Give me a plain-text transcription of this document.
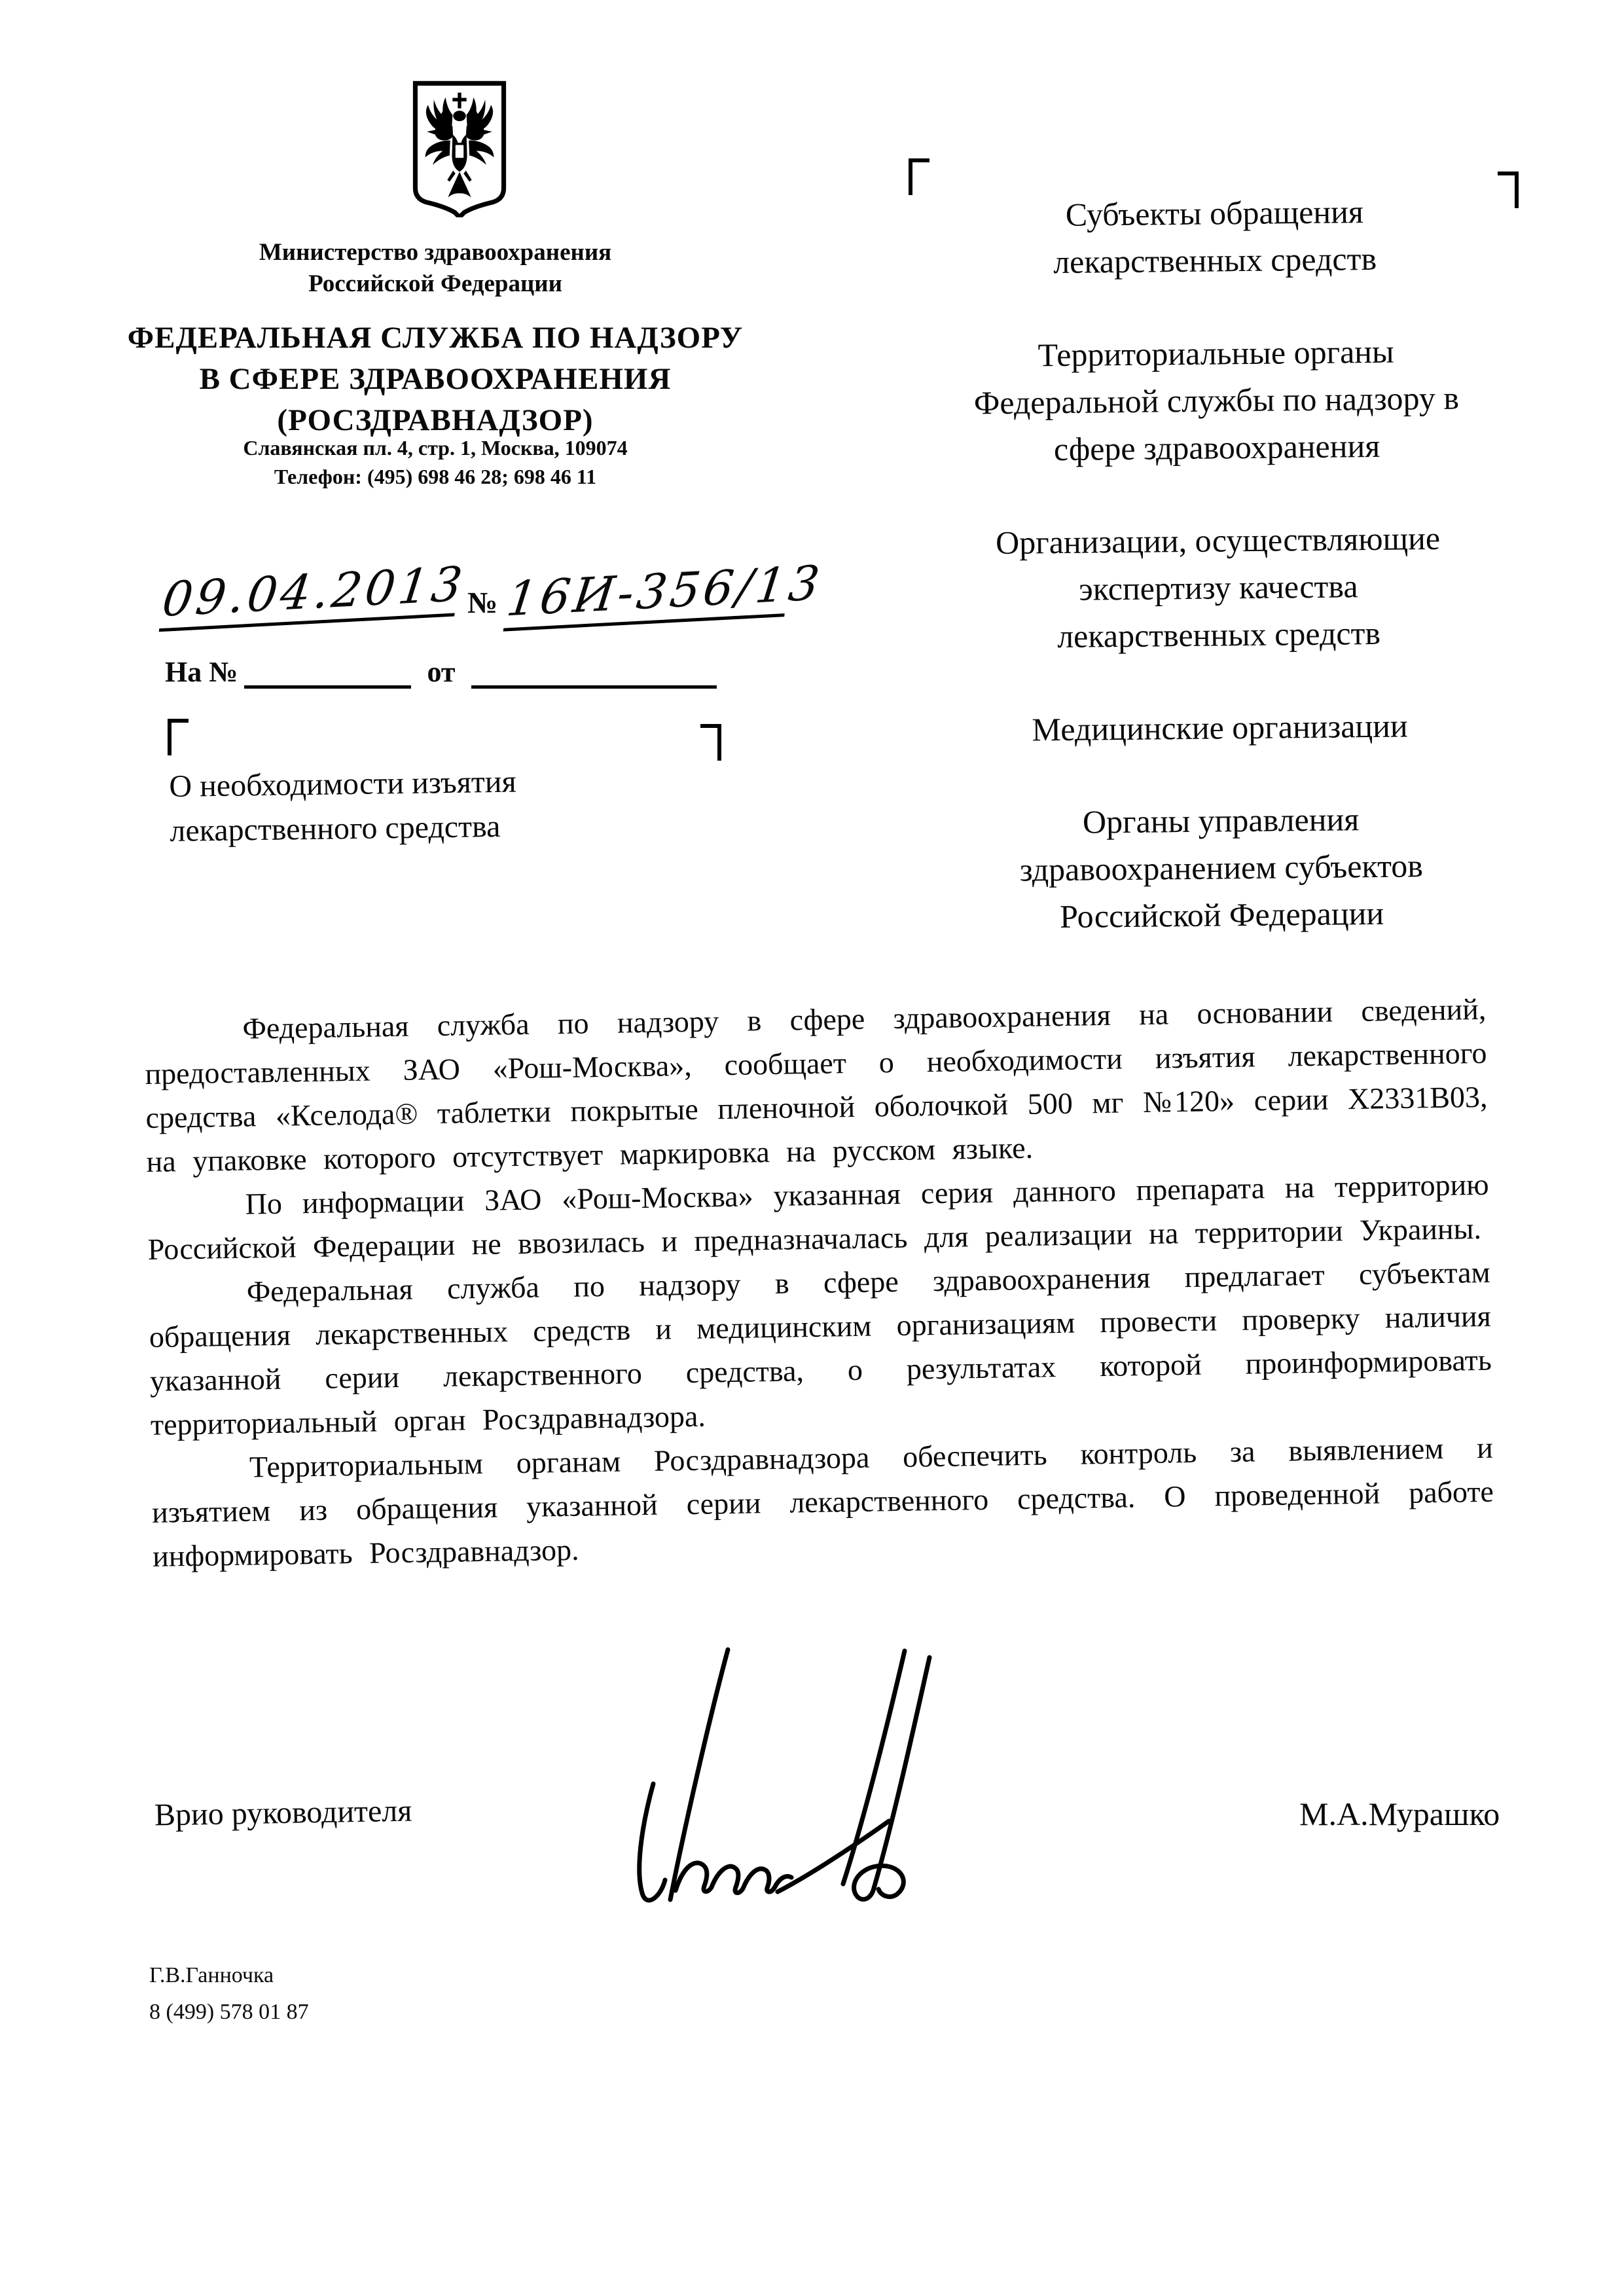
Министерство здравоохранения
Российской Федерации
ФЕДЕРАЛЬНАЯ СЛУЖБА ПО НАДЗОРУ
В СФЕРЕ ЗДРАВООХРАНЕНИЯ
(РОСЗДРАВНАДЗОР)
Славянская пл. 4, стр. 1, Москва, 109074
Телефон: (495) 698 46 28; 698 46 11
09.04.2013
№ 16И-356/13
На №	от
О необходимости изъятия
лекарственного средства
Субъекты обращения
лекарственных средств
Территориальные органы
Федеральной службы по надзору в
сфере здравоохранения
Организации, осуществляющие
экспертизу качества
лекарственных средств
Медицинские организации
Органы управления
здравоохранением субъектов
Российской Федерации

Федеральная служба по надзору в сфере здравоохранения на основании сведений, предоставленных ЗАО «Рош-Москва», сообщает о необходимости изъятия лекарственного средства «Кселода® таблетки покрытые пленочной оболочкой 500 мг №120» серии Х2331В03, на упаковке которого отсутствует маркировка на русском языке.

По информации ЗАО «Рош-Москва» указанная серия данного препарата на территорию Российской Федерации не ввозилась и предназначалась для реализации на территории Украины.

Федеральная служба по надзору в сфере здравоохранения предлагает субъектам обращения лекарственных средств и медицинским организациям провести проверку наличия указанной серии лекарственного средства, о результатах которой проинформировать территориальный орган Росздравнадзора.

Территориальным органам Росздравнадзора обеспечить контроль за выявлением и изъятием из обращения указанной серии лекарственного средства. О проведенной работе информировать Росздравнадзор.

Врио руководителя	М.А.Мурашко
Г.В.Ганночка
8 (499) 578 01 87
